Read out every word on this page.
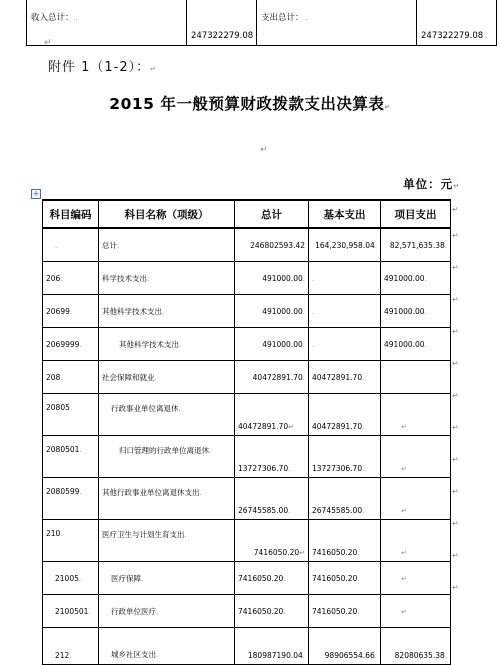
收入总计： .	247322279.08 .	支出总计： .	247322279.08 .
↵
附件 1（1-2）：↵
2015 年一般预算财政拨款支出决算表↵
↵
单位：元↵
+
科目编码	科目名称（项级）	总计	基本支出	项目支出
.	总计.	246802593.42	164,230,958.04.	82,571,635.38.
206.	科学技术支出.	491000.00.	.	491000.00.
20699.	其他科学技术支出.	491000.00.	.	491000.00.
2069999.	其他科学技术支出.	491000.00.	.	491000.00.
208.	社会保障和就业.	40472891.70.	40472891.70.	
20805.	行政事业单位离退休.	40472891.70↵	40472891.70.	↵
2080501.	归口管理的行政单位离退休.	13727306.70.	13727306.70.	↵
2080599.	其他行政事业单位离退休支出.	26745585.00.	26745585.00.	↵
210.	医疗卫生与计划生育支出.	7416050.20↵	7416050.20.	↵
21005.	医疗保障.	7416050.20.	7416050.20.	↵
2100501.	行政单位医疗.	7416050.20.	7416050.20.	↵
212.	城乡社区支出.	180987190.04.	98906554.66.	82080635.38.
↵
↵
↵
↵
↵
↵
↵
↵
↵
↵
↵
↵
↵
